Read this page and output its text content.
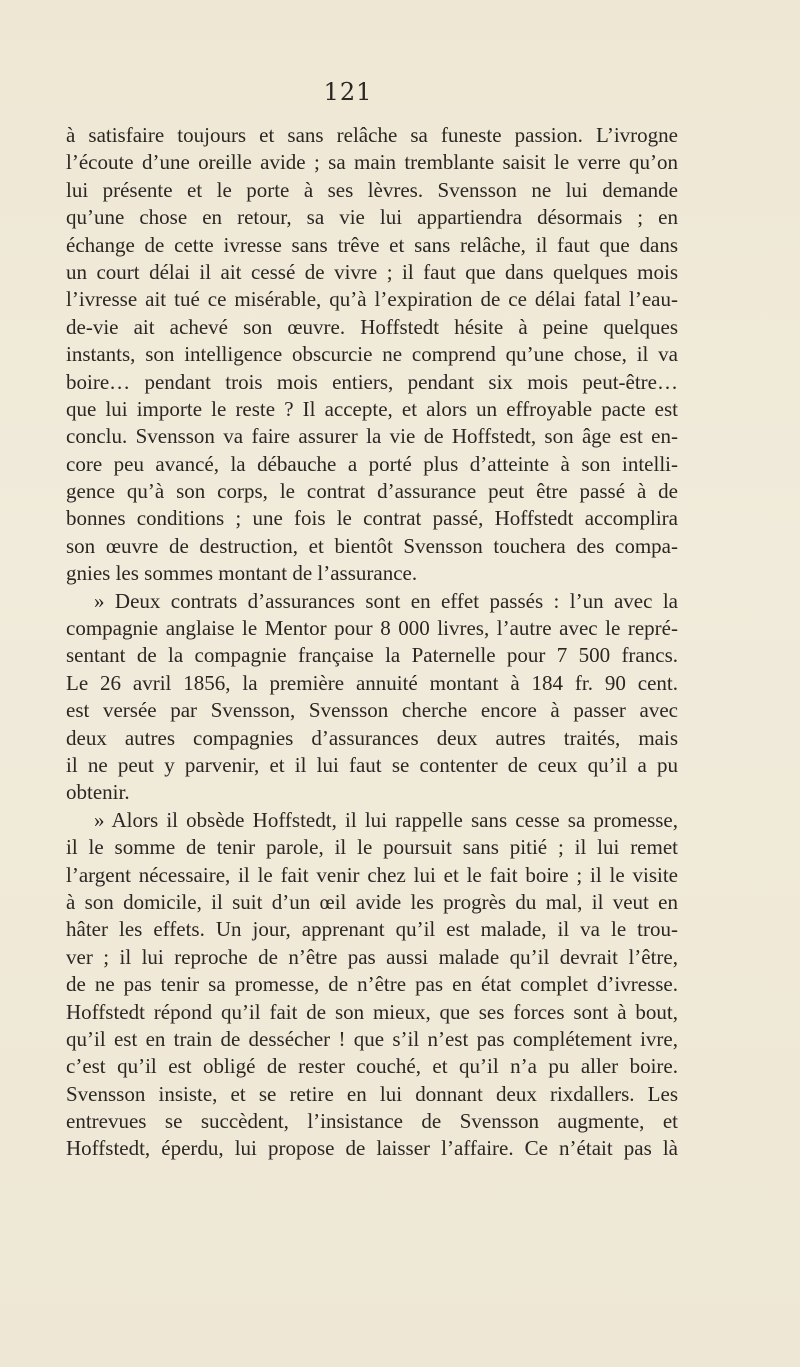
121
à satisfaire toujours et sans relâche sa funeste passion. L’ivrogne
l’écoute d’une oreille avide ; sa main tremblante saisit le verre qu’on
lui présente et le porte à ses lèvres. Svensson ne lui demande
qu’une chose en retour, sa vie lui appartiendra désormais ; en
échange de cette ivresse sans trêve et sans relâche, il faut que dans
un court délai il ait cessé de vivre ; il faut que dans quelques mois
l’ivresse ait tué ce misérable, qu’à l’expiration de ce délai fatal l’eau-
de-vie ait achevé son œuvre. Hoffstedt hésite à peine quelques
instants, son intelligence obscurcie ne comprend qu’une chose, il va
boire… pendant trois mois entiers, pendant six mois peut-être…
que lui importe le reste ? Il accepte, et alors un effroyable pacte est
conclu. Svensson va faire assurer la vie de Hoffstedt, son âge est en-
core peu avancé, la débauche a porté plus d’atteinte à son intelli-
gence qu’à son corps, le contrat d’assurance peut être passé à de
bonnes conditions ; une fois le contrat passé, Hoffstedt accomplira
son œuvre de destruction, et bientôt Svensson touchera des compa-
gnies les sommes montant de l’assurance.
» Deux contrats d’assurances sont en effet passés : l’un avec la
compagnie anglaise le Mentor pour 8 000 livres, l’autre avec le repré-
sentant de la compagnie française la Paternelle pour 7 500 francs.
Le 26 avril 1856, la première annuité montant à 184 fr. 90 cent.
est versée par Svensson, Svensson cherche encore à passer avec
deux autres compagnies d’assurances deux autres traités, mais
il ne peut y parvenir, et il lui faut se contenter de ceux qu’il a pu
obtenir.
» Alors il obsède Hoffstedt, il lui rappelle sans cesse sa promesse,
il le somme de tenir parole, il le poursuit sans pitié ; il lui remet
l’argent nécessaire, il le fait venir chez lui et le fait boire ; il le visite
à son domicile, il suit d’un œil avide les progrès du mal, il veut en
hâter les effets. Un jour, apprenant qu’il est malade, il va le trou-
ver ; il lui reproche de n’être pas aussi malade qu’il devrait l’être,
de ne pas tenir sa promesse, de n’être pas en état complet d’ivresse.
Hoffstedt répond qu’il fait de son mieux, que ses forces sont à bout,
qu’il est en train de dessécher ! que s’il n’est pas complétement ivre,
c’est qu’il est obligé de rester couché, et qu’il n’a pu aller boire.
Svensson insiste, et se retire en lui donnant deux rixdallers. Les
entrevues se succèdent, l’insistance de Svensson augmente, et
Hoffstedt, éperdu, lui propose de laisser l’affaire. Ce n’était pas là
